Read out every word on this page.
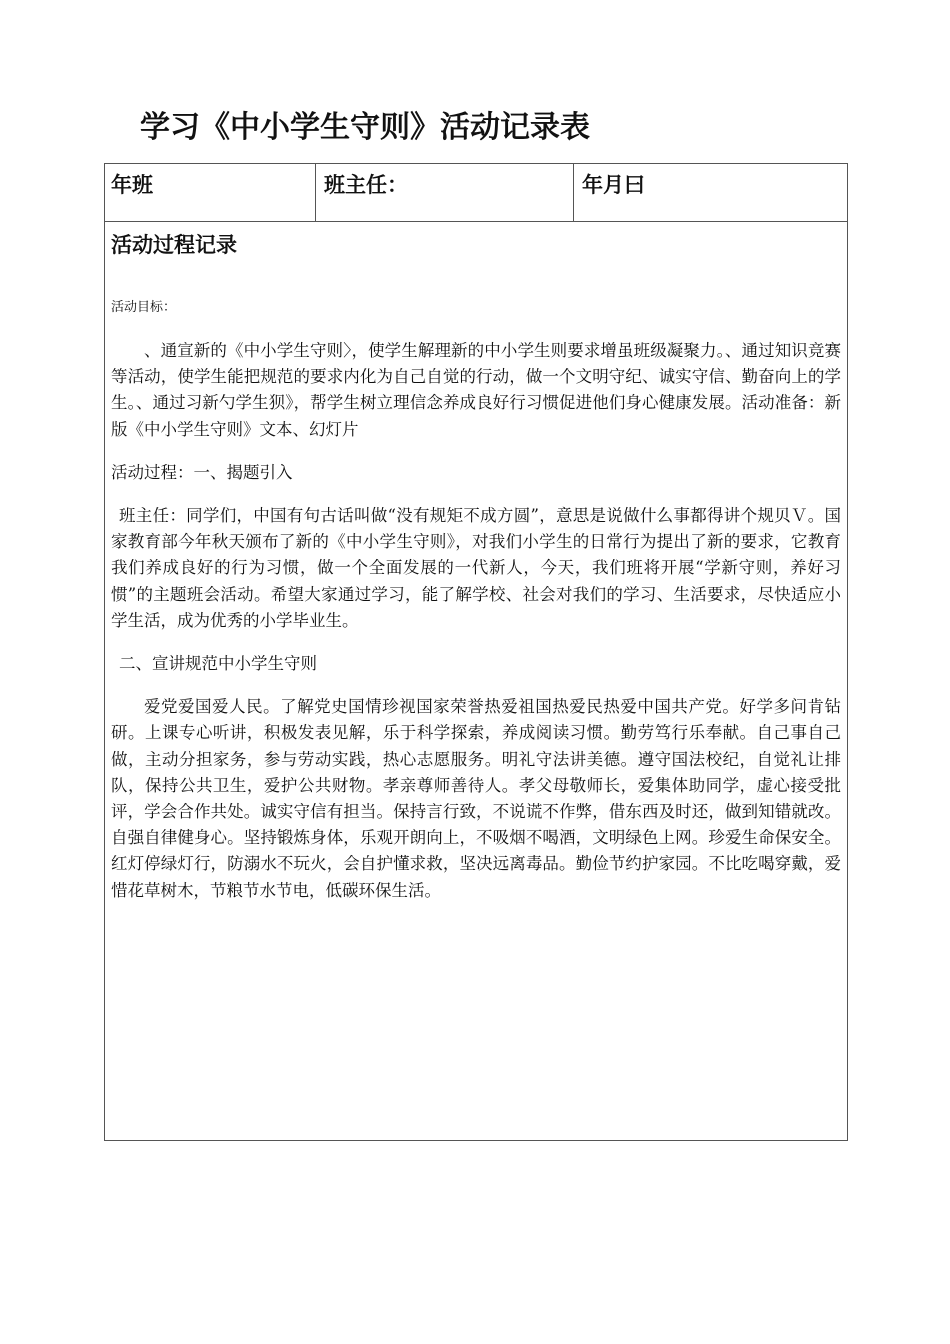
学习《中小学生守则》活动记录表
年班	班主任：	年月曰
活动过程记录
活动目标：

、通宣新的《中小学生守则〉，使学生解理新的中小学生则要求增虽班级凝聚力。、通过知识竞赛等活动，使学生能把规范的要求内化为自己自觉的行动，做一个文明守纪、诚实守信、勤奋向上的学生。、通过习新勺学生狈》，帮学生树立理信念养成良好行习惯促进他们身心健康发展。活动准备：新版《中小学生守则》文本、幻灯片

活动过程：一、揭题引入

班主任：同学们，中国有句古话叫做“没有规矩不成方圆”，意思是说做什么事都得讲个规贝Ｖ。国家教育部今年秋天颁布了新的《中小学生守则》，对我们小学生的日常行为提出了新的要求，它教育我们养成良好的行为习惯，做一个全面发展的一代新人，今天，我们班将开展“学新守则，养好习惯”的主题班会活动。希望大家通过学习，能了解学校、社会对我们的学习、生活要求，尽快适应小学生活，成为优秀的小学毕业生。

二、宣讲规范中小学生守则

爱党爱国爱人民。了解党史国情珍视国家荣誉热爱祖国热爱民热爱中国共产党。好学多问肯钻研。上课专心听讲，积极发表见解，乐于科学探索，养成阅读习惯。勤劳笃行乐奉献。自己事自己做，主动分担家务，参与劳动实践，热心志愿服务。明礼守法讲美德。遵守国法校纪，自觉礼让排队，保持公共卫生，爱护公共财物。孝亲尊师善待人。孝父母敬师长，爱集体助同学，虚心接受批评，学会合作共处。诚实守信有担当。保持言行致，不说谎不作弊，借东西及时还，做到知错就改。自强自律健身心。坚持锻炼身体，乐观开朗向上，不吸烟不喝酒，文明绿色上网。珍爱生命保安全。红灯停绿灯行，防溺水不玩火，会自护懂求救，坚决远离毒品。勤俭节约护家园。不比吃喝穿戴，爱惜花草树木，节粮节水节电，低碳环保生活。
